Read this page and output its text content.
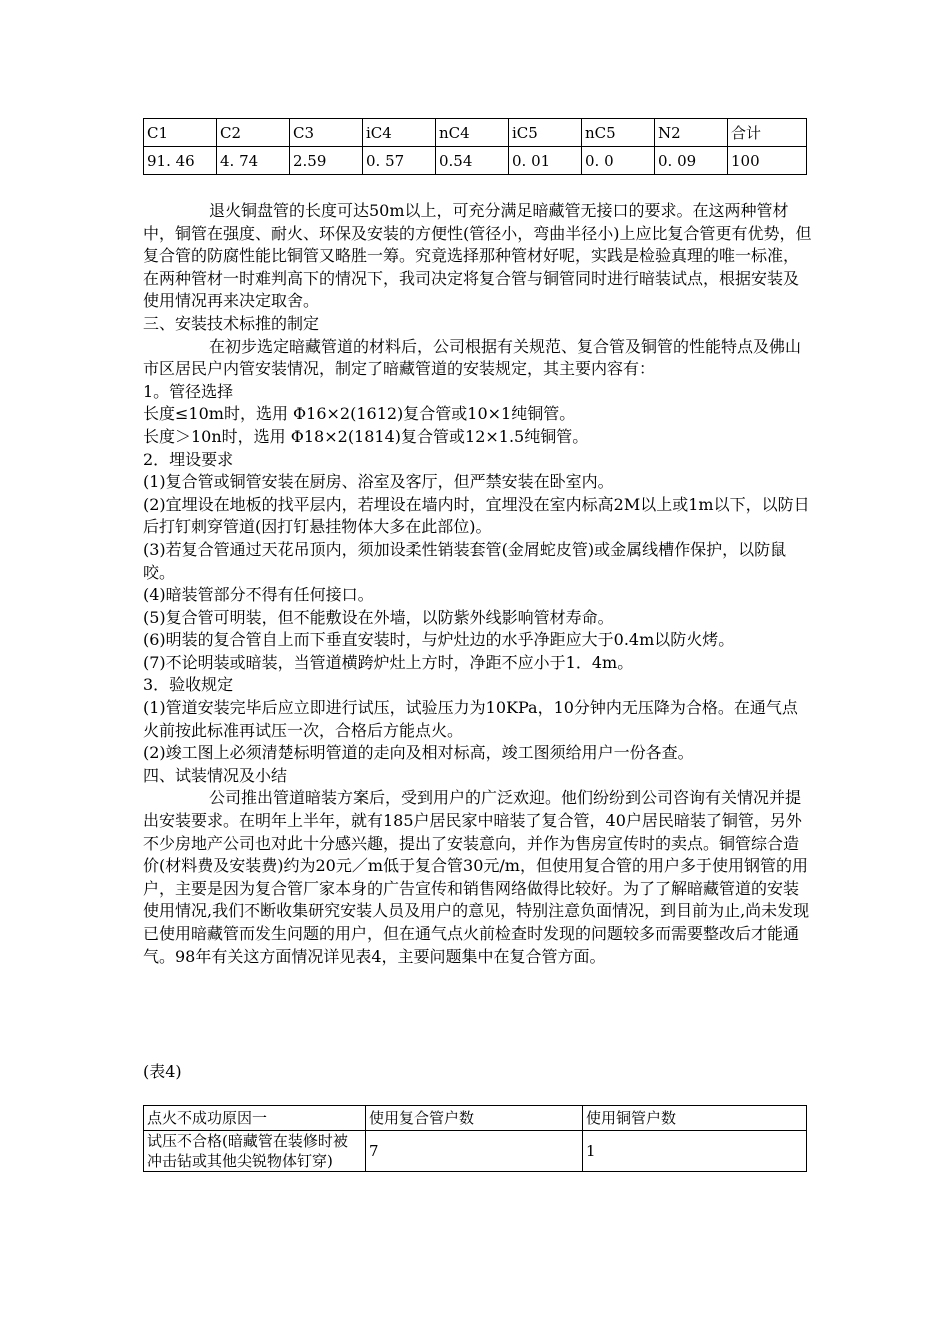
C1	C2	C3	iC4	nC4	iC5	nC5	N2	合计
91. 46	4. 74	2.59	0. 57	0.54	0. 01	0. 0	0. 09	100

退火铜盘管的长度可达50m以上，可充分满足暗藏管无接口的要求。在这两种管材中，铜管在强度、耐火、环保及安装的方便性(管径小，弯曲半径小)上应比复合管更有优势，但复合管的防腐性能比铜管又略胜一筹。究竟选择那种管材好呢，实践是检验真理的唯一标准，在两种管材一时难判高下的情况下，我司决定将复合管与铜管同时进行暗装试点，根据安装及使用情况再来决定取舍。

三、安装技术标推的制定

在初步选定暗藏管道的材料后，公司根据有关规范、复合管及铜管的性能特点及佛山市区居民户内管安装情况，制定了暗藏管道的安装规定，其主要内容有：

1。管径选择

长度≤10m时，选用 Φ16×2(1612)复合管或10×1纯铜管。

长度＞10n时，选用 Φ18×2(1814)复合管或12×1.5纯铜管。

2．埋设要求

(1)复合管或铜管安装在厨房、浴室及客厅，但严禁安装在卧室内。

(2)宜埋设在地板的找平层内，若埋设在墙内时，宜埋没在室内标高2M以上或1m以下，以防日后打钉刺穿管道(因打钉悬挂物体大多在此部位)。

(3)若复合管通过天花吊顶内，须加设柔性销装套管(金屑蛇皮管)或金属线槽作保护，以防鼠咬。

(4)暗装管部分不得有任何接口。

(5)复合管可明装，但不能敷设在外墙，以防紫外线影响管材寿命。

(6)明装的复合管自上而下垂直安装时，与炉灶边的水乎净距应大于0.4m以防火烤。

(7)不论明装或暗装，当管道横跨炉灶上方时，净距不应小于1．4m。

3．验收规定

(1)管道安装完毕后应立即进行试压，试验压力为10KPa，10分钟内无压降为合格。在通气点火前按此标准再试压一次，合格后方能点火。

(2)竣工图上必须清楚标明管道的走向及相对标高，竣工图须给用户一份各查。

四、试装情况及小结

公司推出管道暗装方案后，受到用户的广泛欢迎。他们纷纷到公司咨询有关情况并提出安装要求。在明年上半年，就有185户居民家中暗装了复合管，40户居民暗装了铜管，另外不少房地产公司也对此十分感兴趣，提出了安装意向，并作为售房宣传时的卖点。铜管综合造价(材料费及安装费)约为20元／m低于复合管30元/m，但使用复合管的用户多于使用钢管的用户，主要是因为复合管厂家本身的广告宣传和销售网络做得比较好。为了了解暗藏管道的安装使用情况,我们不断收集研究安装人员及用户的意见，特别注意负面情况，到目前为止,尚未发现已使用暗藏管而发生问题的用户，但在通气点火前检查时发现的问题较多而需要整改后才能通气。98年有关这方面情况详见表4，主要问题集中在复合管方面。

(表4)
点火不成功原因一	使用复合管户数	使用铜管户数
试压不合格(暗藏管在装修时被冲击钻或其他尖锐物体钉穿)	7	1
